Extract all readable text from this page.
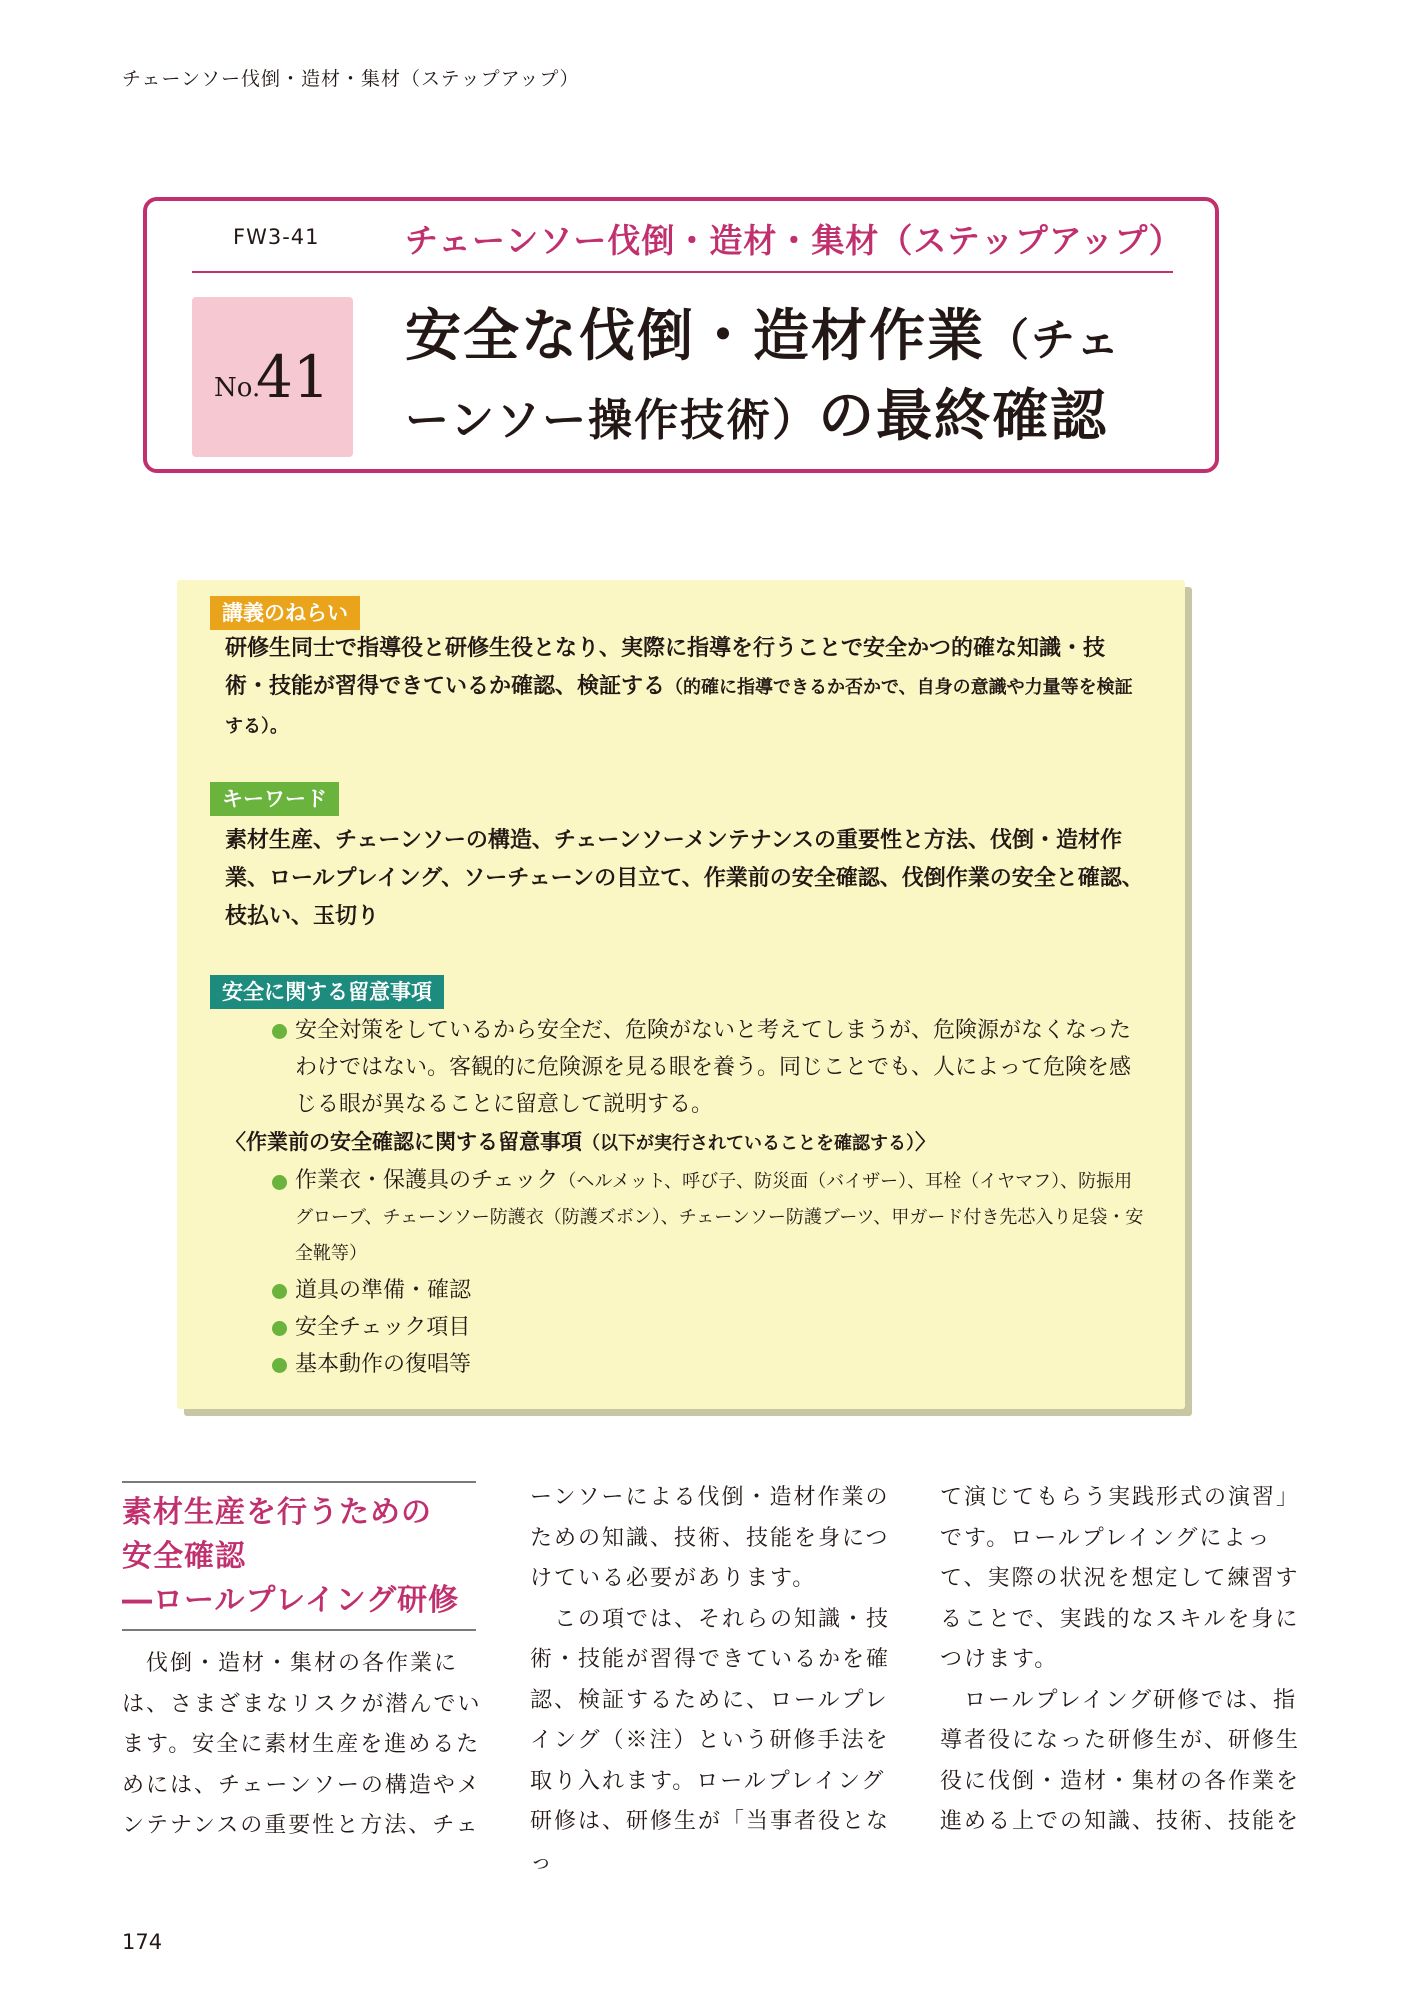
チェーンソー伐倒・造材・集材（ステップアップ）
FW3-41	チェーンソー伐倒・造材・集材（ステップアップ）
No.
41
安全な伐倒・造材作業（チェ
ーンソー操作技術）の最終確認
講義のねらい

研修生同士で指導役と研修生役となり、実際に指導を行うことで安全かつ的確な知識・技術・技能が習得できているか確認、検証する（的確に指導できるか否かで、自身の意識や力量等を検証する）。

キーワード

素材生産、チェーンソーの構造、チェーンソーメンテナンスの重要性と方法、伐倒・造材作業、ロールプレイング、ソーチェーンの目立て、作業前の安全確認、伐倒作業の安全と確認、枝払い、玉切り

安全に関する留意事項
安全対策をしているから安全だ、危険がないと考えてしまうが、危険源がなくなったわけではない。客観的に危険源を見る眼を養う。同じことでも、人によって危険を感じる眼が異なることに留意して説明する。
〈作業前の安全確認に関する留意事項（以下が実行されていることを確認する）〉
作業衣・保護具のチェック（ヘルメット、呼び子、防災面（バイザー）、耳栓（イヤマフ）、防振用グローブ、チェーンソー防護衣（防護ズボン）、チェーンソー防護ブーツ、甲ガード付き先芯入り足袋・安全靴等）
道具の準備・確認
安全チェック項目
基本動作の復唱等
素材生産を行うための
安全確認
―ロールプレイング研修

　伐倒・造材・集材の各作業には、さまざまなリスクが潜んでいます。安全に素材生産を進めるためには、チェーンソーの構造やメンテナンスの重要性と方法、チェ

ーンソーによる伐倒・造材作業のための知識、技術、技能を身につけている必要があります。

　この項では、それらの知識・技術・技能が習得できているかを確認、検証するために、ロールプレイング（※注）という研修手法を取り入れます。ロールプレイング研修は、研修生が「当事者役となっ

て演じてもらう実践形式の演習」です。ロールプレイングによって、実際の状況を想定して練習することで、実践的なスキルを身につけます。

　ロールプレイング研修では、指導者役になった研修生が、研修生役に伐倒・造材・集材の各作業を進める上での知識、技術、技能を

174
